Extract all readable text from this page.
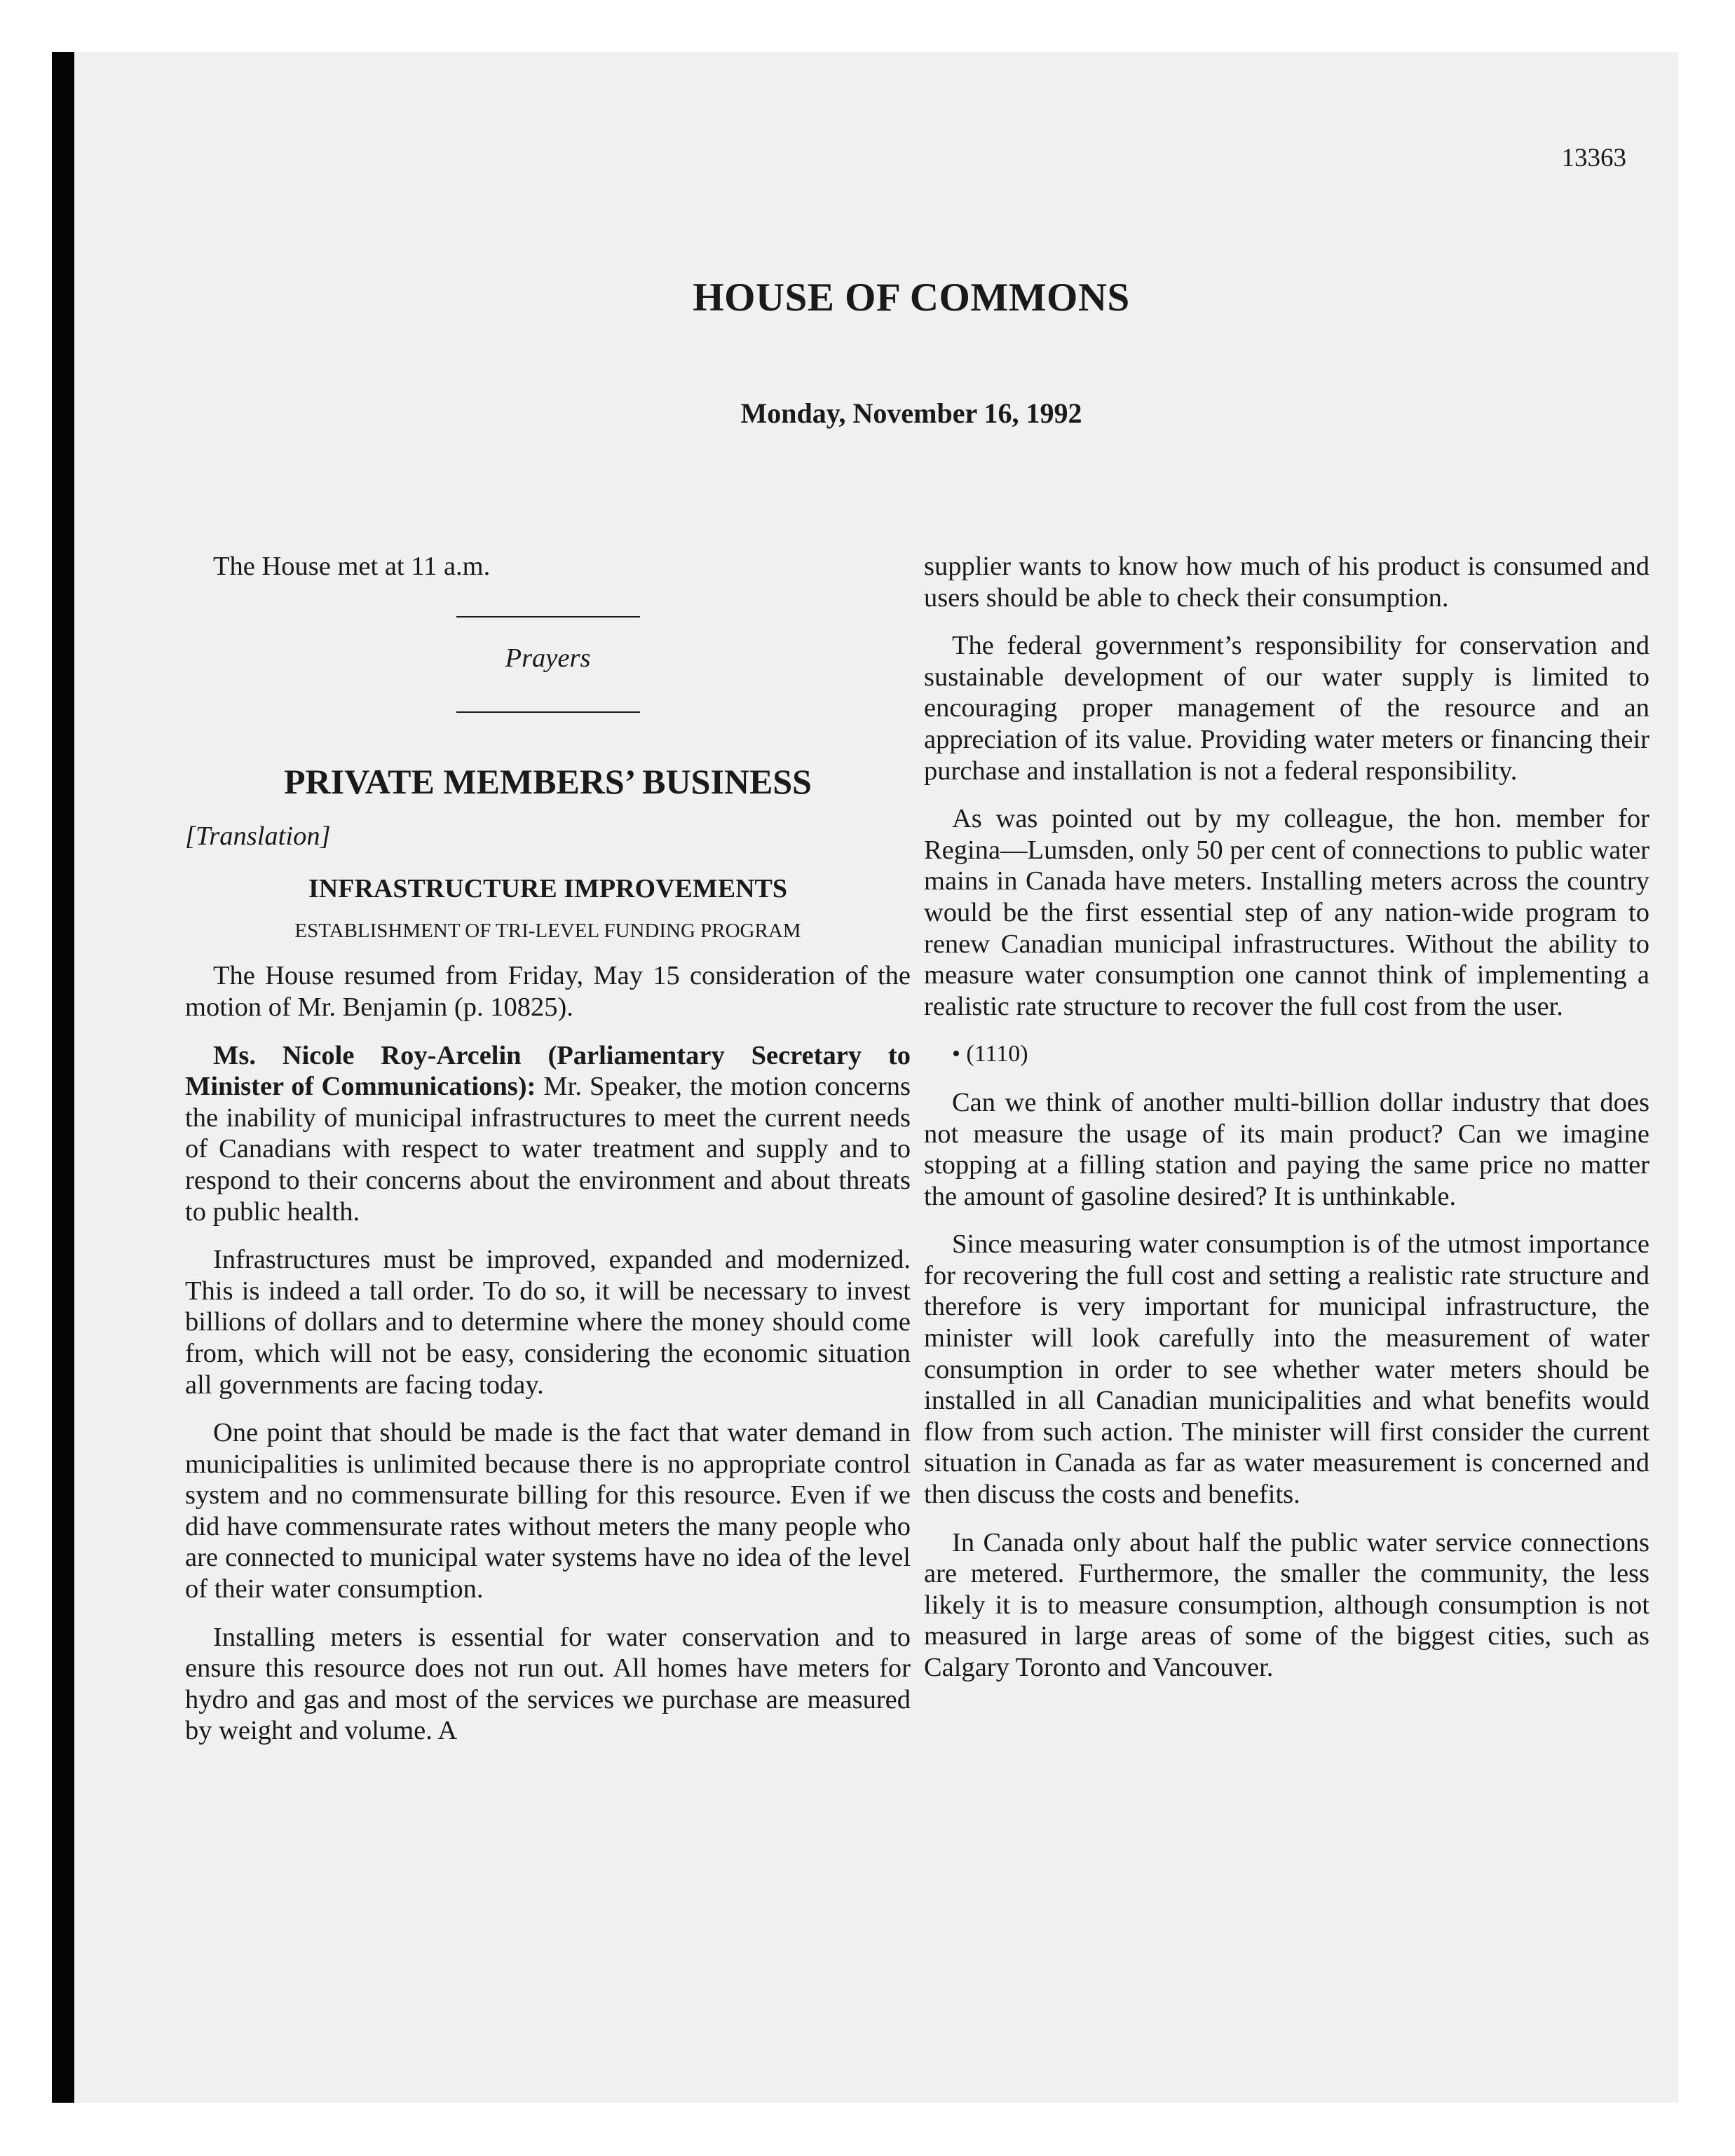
13363
HOUSE OF COMMONS
Monday, November 16, 1992

The House met at 11 a.m.

Prayers
PRIVATE MEMBERS’ BUSINESS
[Translation]
INFRASTRUCTURE IMPROVEMENTS
ESTABLISHMENT OF TRI-LEVEL FUNDING PROGRAM

The House resumed from Friday, May 15 consideration of the motion of Mr. Benjamin (p. 10825).

Ms. Nicole Roy-Arcelin (Parliamentary Secretary to Minister of Communications): Mr. Speaker, the motion concerns the inability of municipal infrastructures to meet the current needs of Canadians with respect to water treatment and supply and to respond to their concerns about the environment and about threats to public health.

Infrastructures must be improved, expanded and modernized. This is indeed a tall order. To do so, it will be necessary to invest billions of dollars and to determine where the money should come from, which will not be easy, considering the economic situation all governments are facing today.

One point that should be made is the fact that water demand in municipalities is unlimited because there is no appropriate control system and no commensurate billing for this resource. Even if we did have commensurate rates without meters the many people who are connected to municipal water systems have no idea of the level of their water consumption.

Installing meters is essential for water conservation and to ensure this resource does not run out. All homes have meters for hydro and gas and most of the services we purchase are measured by weight and volume. A

supplier wants to know how much of his product is consumed and users should be able to check their consumption.

The federal government’s responsibility for conservation and sustainable development of our water supply is limited to encouraging proper management of the resource and an appreciation of its value. Providing water meters or financing their purchase and installation is not a federal responsibility.

As was pointed out by my colleague, the hon. member for Regina—Lumsden, only 50 per cent of connections to public water mains in Canada have meters. Installing meters across the country would be the first essential step of any nation-wide program to renew Canadian municipal infrastructures. Without the ability to measure water consumption one cannot think of implementing a realistic rate structure to recover the full cost from the user.

• (1110)

Can we think of another multi-billion dollar industry that does not measure the usage of its main product? Can we imagine stopping at a filling station and paying the same price no matter the amount of gasoline desired? It is unthinkable.

Since measuring water consumption is of the utmost importance for recovering the full cost and setting a realistic rate structure and therefore is very important for municipal infrastructure, the minister will look carefully into the measurement of water consumption in order to see whether water meters should be installed in all Canadian municipalities and what benefits would flow from such action. The minister will first consider the current situation in Canada as far as water measurement is concerned and then discuss the costs and benefits.

In Canada only about half the public water service connections are metered. Furthermore, the smaller the community, the less likely it is to measure consumption, although consumption is not measured in large areas of some of the biggest cities, such as Calgary Toronto and Vancouver.
